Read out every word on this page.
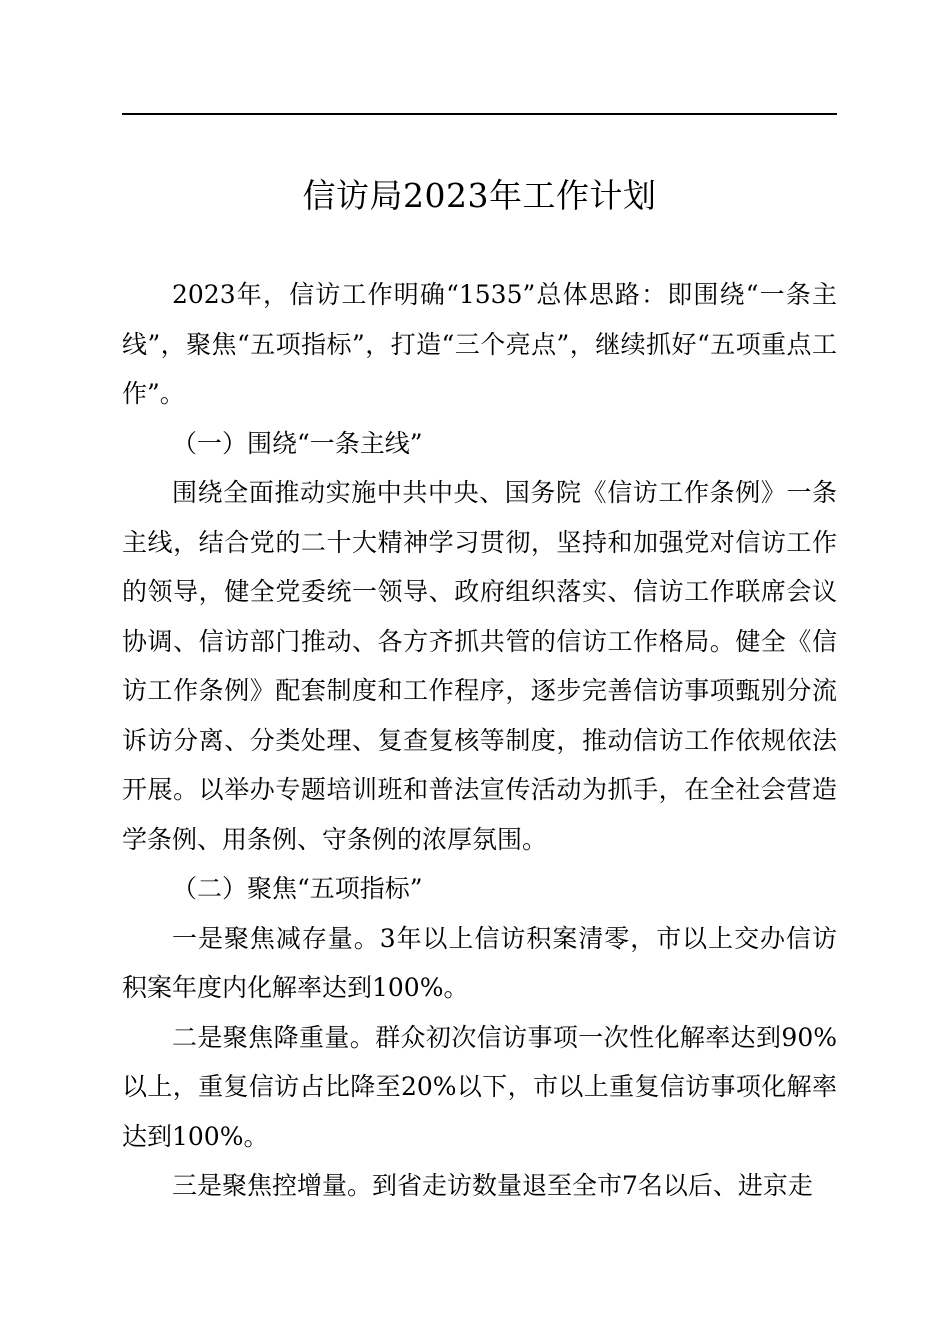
信访局2023年工作计划

2023年，信访工作明确“1535”总体思路：即围绕“一条主线”，聚焦“五项指标”，打造“三个亮点”，继续抓好“五项重点工作”。

（一）围绕“一条主线”

围绕全面推动实施中共中央、国务院《信访工作条例》一条主线，结合党的二十大精神学习贯彻，坚持和加强党对信访工作的领导，健全党委统一领导、政府组织落实、信访工作联席会议协调、信访部门推动、各方齐抓共管的信访工作格局。健全《信访工作条例》配套制度和工作程序，逐步完善信访事项甄别分流诉访分离、分类处理、复查复核等制度，推动信访工作依规依法开展。以举办专题培训班和普法宣传活动为抓手，在全社会营造学条例、用条例、守条例的浓厚氛围。

（二）聚焦“五项指标”

一是聚焦减存量。3年以上信访积案清零，市以上交办信访积案年度内化解率达到100%。

二是聚焦降重量。群众初次信访事项一次性化解率达到90%以上，重复信访占比降至20%以下，市以上重复信访事项化解率达到100%。

三是聚焦控增量。到省走访数量退至全市7名以后、进京走
